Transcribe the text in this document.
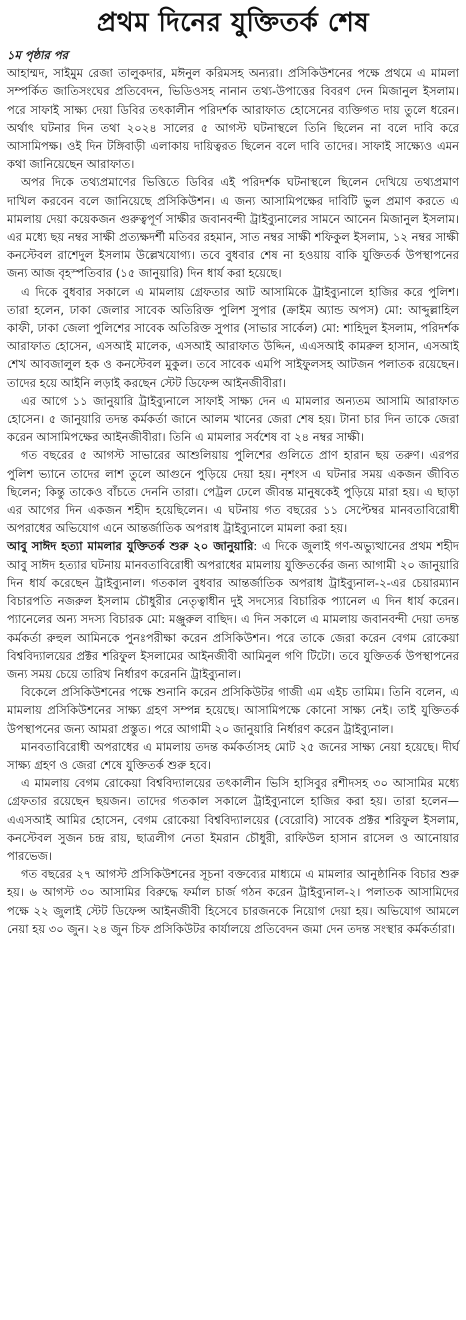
প্রথম দিনের যুক্তিতর্ক শেষ

১ম পৃষ্ঠার পর

আহাম্মদ, সাইমুম রেজা তালুকদার, মঈনুল করিমসহ অন্যরা। প্রসিকিউশনের পক্ষে প্রথমে এ মামলা সম্পর্কিত জাতিসংঘের প্রতিবেদন, ভিডিওসহ নানান তথ্য-উপাত্তের বিবরণ দেন মিজানুল ইসলাম। পরে সাফাই সাক্ষ্য দেয়া ডিবির তৎকালীন পরিদর্শক আরাফাত হোসেনের ব্যক্তিগত দায় তুলে ধরেন। অর্থাৎ ঘটনার দিন তথা ২০২৪ সালের ৫ আগস্ট ঘটনাস্থলে তিনি ছিলেন না বলে দাবি করে আসামিপক্ষ। ওই দিন টঙ্গিবাড়ী এলাকায় দায়িত্বরত ছিলেন বলে দাবি তাদের। সাফাই সাক্ষ্যেও এমন কথা জানিয়েছেন আরাফাত।

অপর দিকে তথ্যপ্রমাণের ভিত্তিতে ডিবির এই পরিদর্শক ঘটনাস্থলে ছিলেন দেখিয়ে তথ্যপ্রমাণ দাখিল করবেন বলে জানিয়েছে প্রসিকিউশন। এ জন্য আসামিপক্ষের দাবিটি ভুল প্রমাণ করতে এ মামলায় দেয়া কয়েকজন গুরুত্বপূর্ণ সাক্ষীর জবানবন্দী ট্রাইব্যুনালের সামনে আনেন মিজানুল ইসলাম। এর মধ্যে ছয় নম্বর সাক্ষী প্রত্যক্ষদর্শী মতিবর রহমান, সাত নম্বর সাক্ষী শফিকুল ইসলাম, ১২ নম্বর সাক্ষী কনস্টেবল রাশেদুল ইসলাম উল্লেখযোগ্য। তবে বুধবার শেষ না হওয়ায় বাকি যুক্তিতর্ক উপস্থাপনের জন্য আজ বৃহস্পতিবার (১৫ জানুয়ারি) দিন ধার্য করা হয়েছে।

এ দিকে বুধবার সকালে এ মামলায় গ্রেফতার আট আসামিকে ট্রাইব্যুনালে হাজির করে পুলিশ। তারা হলেন, ঢাকা জেলার সাবেক অতিরিক্ত পুলিশ সুপার (ক্রাইম অ্যান্ড অপস) মো: আব্দুল্লাহিল কাফী, ঢাকা জেলা পুলিশের সাবেক অতিরিক্ত সুপার (সাভার সার্কেল) মো: শাহিদুল ইসলাম, পরিদর্শক আরাফাত হোসেন, এসআই মালেক, এসআই আরাফাত উদ্দিন, এএসআই কামরুল হাসান, এসআই শেখ আবজালুল হক ও কনস্টেবল মুকুল। তবে সাবেক এমপি সাইফুলসহ আটজন পলাতক রয়েছেন। তাদের হয়ে আইনি লড়াই করছেন স্টেট ডিফেন্স আইনজীবীরা।

এর আগে ১১ জানুয়ারি ট্রাইব্যুনালে সাফাই সাক্ষ্য দেন এ মামলার অন্যতম আসামি আরাফাত হোসেন। ৫ জানুয়ারি তদন্ত কর্মকর্তা জানে আলম খানের জেরা শেষ হয়। টানা চার দিন তাকে জেরা করেন আসামিপক্ষের আইনজীবীরা। তিনি এ মামলার সর্বশেষ বা ২৪ নম্বর সাক্ষী।

গত বছরের ৫ আগস্ট সাভারের আশুলিয়ায় পুলিশের গুলিতে প্রাণ হারান ছয় তরুণ। এরপর পুলিশ ভ্যানে তাদের লাশ তুলে আগুনে পুড়িয়ে দেয়া হয়। নৃশংস এ ঘটনার সময় একজন জীবিত ছিলেন; কিন্তু তাকেও বাঁচতে দেননি তারা। পেট্রল ঢেলে জীবন্ত মানুষকেই পুড়িয়ে মারা হয়। এ ছাড়া এর আগের দিন একজন শহীদ হয়েছিলেন। এ ঘটনায় গত বছরের ১১ সেপ্টেম্বর মানবতাবিরোধী অপরাধের অভিযোগ এনে আন্তর্জাতিক অপরাধ ট্রাইব্যুনালে মামলা করা হয়।

আবু সাঈদ হত্যা মামলার যুক্তিতর্ক শুরু ২০ জানুয়ারি: এ দিকে জুলাই গণ-অভ্যুত্থানের প্রথম শহীদ আবু সাঈদ হত্যার ঘটনায় মানবতাবিরোধী অপরাধের মামলায় যুক্তিতর্কের জন্য আগামী ২০ জানুয়ারি দিন ধার্য করেছেন ট্রাইব্যুনাল। গতকাল বুধবার আন্তর্জাতিক অপরাধ ট্রাইব্যুনাল-২-এর চেয়ারম্যান বিচারপতি নজরুল ইসলাম চৌধুরীর নেতৃত্বাধীন দুই সদস্যের বিচারিক প্যানেল এ দিন ধার্য করেন। প্যানেলের অন্য সদস্য বিচারক মো: মঞ্জুরুল বাছিদ। এ দিন সকালে এ মামলায় জবানবন্দী দেয়া তদন্ত কর্মকর্তা রুহুল আমিনকে পুনঃপরীক্ষা করেন প্রসিকিউশন। পরে তাকে জেরা করেন বেগম রোকেয়া বিশ্ববিদ্যালয়ের প্রক্টর শরিফুল ইসলামের আইনজীবী আমিনুল গণি টিটো। তবে যুক্তিতর্ক উপস্থাপনের জন্য সময় চেয়ে তারিখ নির্ধারণ করেননি ট্রাইব্যুনাল।

বিকেলে প্রসিকিউশনের পক্ষে শুনানি করেন প্রসিকিউটর গাজী এম এইচ তামিম। তিনি বলেন, এ মামলায় প্রসিকিউশনের সাক্ষ্য গ্রহণ সম্পন্ন হয়েছে। আসামিপক্ষে কোনো সাক্ষ্য নেই। তাই যুক্তিতর্ক উপস্থাপনের জন্য আমরা প্রস্তুত। পরে আগামী ২০ জানুয়ারি নির্ধারণ করেন ট্রাইব্যুনাল।

মানবতাবিরোধী অপরাধের এ মামলায় তদন্ত কর্মকর্তাসহ মোট ২৫ জনের সাক্ষ্য নেয়া হয়েছে। দীর্ঘ সাক্ষ্য গ্রহণ ও জেরা শেষে যুক্তিতর্ক শুরু হবে।

এ মামলায় বেগম রোকেয়া বিশ্ববিদ্যালয়ের তৎকালীন ভিসি হাসিবুর রশীদসহ ৩০ আসামির মধ্যে গ্রেফতার রয়েছেন ছয়জন। তাদের গতকাল সকালে ট্রাইব্যুনালে হাজির করা হয়। তারা হলেন— এএসআই আমির হোসেন, বেগম রোকেয়া বিশ্ববিদ্যালয়ের (বেরোবি) সাবেক প্রক্টর শরিফুল ইসলাম, কনস্টেবল সুজন চন্দ্র রায়, ছাত্রলীগ নেতা ইমরান চৌধুরী, রাফিউল হাসান রাসেল ও আনোয়ার পারভেজ।

গত বছরের ২৭ আগস্ট প্রসিকিউশনের সূচনা বক্তব্যের মাধ্যমে এ মামলার আনুষ্ঠানিক বিচার শুরু হয়। ৬ আগস্ট ৩০ আসামির বিরুদ্ধে ফর্মাল চার্জ গঠন করেন ট্রাইব্যুনাল-২। পলাতক আসামিদের পক্ষে ২২ জুলাই স্টেট ডিফেন্স আইনজীবী হিসেবে চারজনকে নিয়োগ দেয়া হয়। অভিযোগ আমলে নেয়া হয় ৩০ জুন। ২৪ জুন চিফ প্রসিকিউটর কার্যালয়ে প্রতিবেদন জমা দেন তদন্ত সংস্থার কর্মকর্তারা।
